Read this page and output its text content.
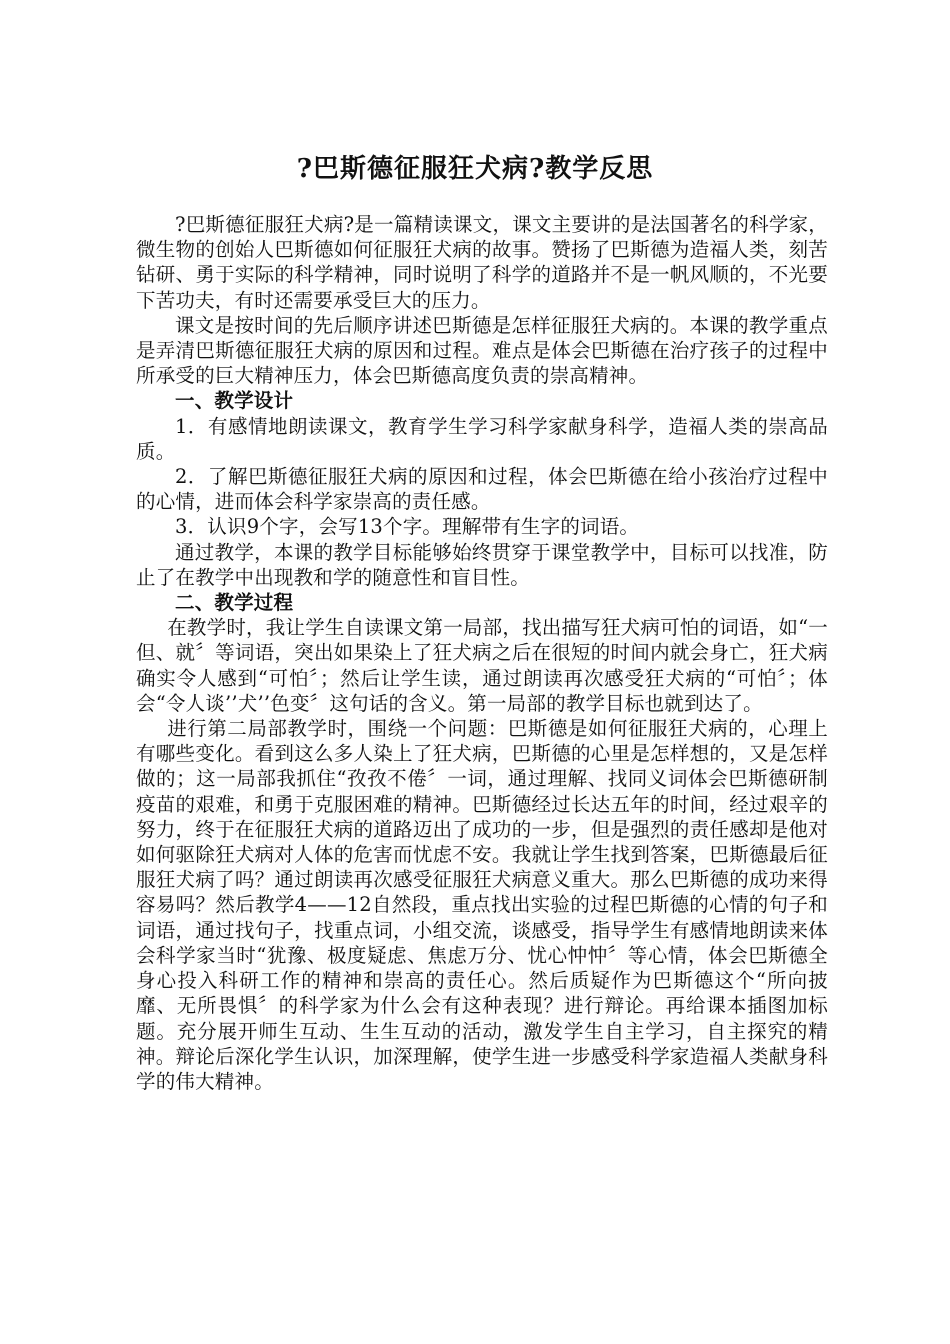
?巴斯德征服狂犬病?教学反思

?巴斯德征服狂犬病?是一篇精读课文，课文主要讲的是法国著名的科学家，微生物的创始人巴斯德如何征服狂犬病的故事。赞扬了巴斯德为造福人类，刻苦钻研、勇于实际的科学精神，同时说明了科学的道路并不是一帆风顺的，不光要下苦功夫，有时还需要承受巨大的压力。

课文是按时间的先后顺序讲述巴斯德是怎样征服狂犬病的。本课的教学重点是弄清巴斯德征服狂犬病的原因和过程。难点是体会巴斯德在治疗孩子的过程中所承受的巨大精神压力，体会巴斯德高度负责的崇高精神。

一、教学设计

1．有感情地朗读课文，教育学生学习科学家献身科学，造福人类的崇高品质。

2．了解巴斯德征服狂犬病的原因和过程，体会巴斯德在给小孩治疗过程中的心情，进而体会科学家崇高的责任感。

3．认识9个字，会写13个字。理解带有生字的词语。

通过教学，本课的教学目标能够始终贯穿于课堂教学中，目标可以找准，防止了在教学中出现教和学的随意性和盲目性。

二、教学过程

在教学时，我让学生自读课文第一局部，找出描写狂犬病可怕的词语，如“一但、就〞等词语，突出如果染上了狂犬病之后在很短的时间内就会身亡，狂犬病确实令人感到“可怕〞；然后让学生读，通过朗读再次感受狂犬病的“可怕〞；体会“令人谈’’犬’’色变〞这句话的含义。第一局部的教学目标也就到达了。

进行第二局部教学时，围绕一个问题：巴斯德是如何征服狂犬病的，心理上有哪些变化。看到这么多人染上了狂犬病，巴斯德的心里是怎样想的，又是怎样做的；这一局部我抓住“孜孜不倦〞一词，通过理解、找同义词体会巴斯德研制疫苗的艰难，和勇于克服困难的精神。巴斯德经过长达五年的时间，经过艰辛的努力，终于在征服狂犬病的道路迈出了成功的一步，但是强烈的责任感却是他对如何驱除狂犬病对人体的危害而忧虑不安。我就让学生找到答案，巴斯德最后征服狂犬病了吗？通过朗读再次感受征服狂犬病意义重大。那么巴斯德的成功来得容易吗？然后教学4——12自然段，重点找出实验的过程巴斯德的心情的句子和词语，通过找句子，找重点词，小组交流，谈感受，指导学生有感情地朗读来体会科学家当时“犹豫、极度疑虑、焦虑万分、忧心忡忡〞等心情，体会巴斯德全身心投入科研工作的精神和崇高的责任心。然后质疑作为巴斯德这个“所向披靡、无所畏惧〞的科学家为什么会有这种表现？进行辩论。再给课本插图加标题。充分展开师生互动、生生互动的活动，激发学生自主学习，自主探究的精神。辩论后深化学生认识，加深理解，使学生进一步感受科学家造福人类献身科学的伟大精神。
